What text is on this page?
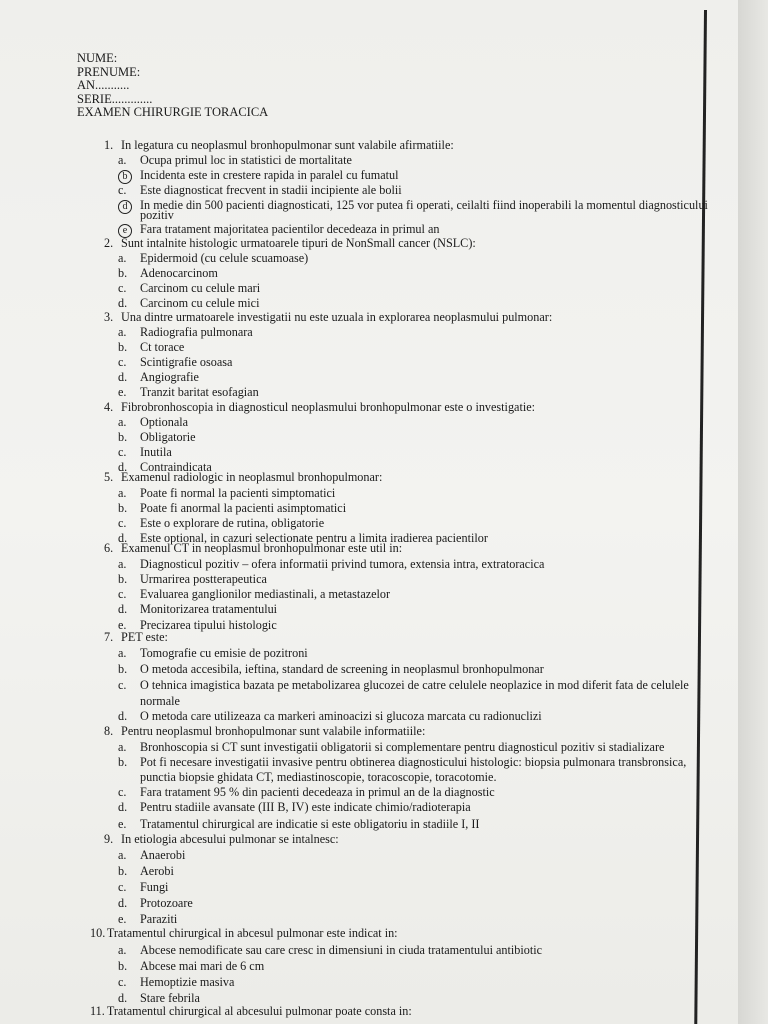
NUME:
PRENUME:
AN...........
SERIE.............
EXAMEN CHIRURGIE TORACICA
1. In legatura cu neoplasmul bronhopulmonar sunt valabile afirmatiile:
a. Ocupa primul loc in statistici de mortalitate
b Incidenta este in crestere rapida in paralel cu fumatul
c. Este diagnosticat frecvent in stadii incipiente ale bolii
d In medie din 500 pacienti diagnosticati, 125 vor putea fi operati, ceilalti fiind inoperabili la momentul diagnosticului
pozitiv
e Fara tratament majoritatea pacientilor decedeaza in primul an
2. Sunt intalnite histologic urmatoarele tipuri de NonSmall cancer (NSLC):
a. Epidermoid (cu celule scuamoase)
b. Adenocarcinom
c. Carcinom cu celule mari
d. Carcinom cu celule mici
3. Una dintre urmatoarele investigatii nu este uzuala in explorarea neoplasmului pulmonar:
a. Radiografia pulmonara
b. Ct torace
c. Scintigrafie osoasa
d. Angiografie
e. Tranzit baritat esofagian
4. Fibrobronhoscopia in diagnosticul neoplasmului bronhopulmonar este o investigatie:
a. Optionala
b. Obligatorie
c. Inutila
d. Contraindicata
5. Examenul radiologic in neoplasmul bronhopulmonar:
a. Poate fi normal la pacienti simptomatici
b. Poate fi anormal la pacienti asimptomatici
c. Este o explorare de rutina, obligatorie
d. Este optional, in cazuri selectionate pentru a limita iradierea pacientilor
6. Examenul CT in neoplasmul bronhopulmonar este util in:
a. Diagnosticul pozitiv – ofera informatii privind tumora, extensia intra, extratoracica
b. Urmarirea postterapeutica
c. Evaluarea ganglionilor mediastinali, a metastazelor
d. Monitorizarea tratamentului
e. Precizarea tipului histologic
7. PET este:
a. Tomografie cu emisie de pozitroni
b. O metoda accesibila, ieftina, standard de screening in neoplasmul bronhopulmonar
c. O tehnica imagistica bazata pe metabolizarea glucozei de catre celulele neoplazice in mod diferit fata de celulele
normale
d. O metoda care utilizeaza ca markeri aminoacizi si glucoza marcata cu radionuclizi
8. Pentru neoplasmul bronhopulmonar sunt valabile informatiile:
a. Bronhoscopia si CT sunt investigatii obligatorii si complementare pentru diagnosticul pozitiv si stadializare
b. Pot fi necesare investigatii invasive pentru obtinerea diagnosticului histologic: biopsia pulmonara transbronsica,
punctia biopsie ghidata CT, mediastinoscopie, toracoscopie, toracotomie.
c. Fara tratament 95 % din pacienti decedeaza in primul an de la diagnostic
d. Pentru stadiile avansate (III B, IV) este indicate chimio/radioterapia
e. Tratamentul chirurgical are indicatie si este obligatoriu in stadiile I, II
9. In etiologia abcesului pulmonar se intalnesc:
a. Anaerobi
b. Aerobi
c. Fungi
d. Protozoare
e. Paraziti
10. Tratamentul chirurgical in abcesul pulmonar este indicat in:
a. Abcese nemodificate sau care cresc in dimensiuni in ciuda tratamentului antibiotic
b. Abcese mai mari de 6 cm
c. Hemoptizie masiva
d. Stare febrila
11. Tratamentul chirurgical al abcesului pulmonar poate consta in:
